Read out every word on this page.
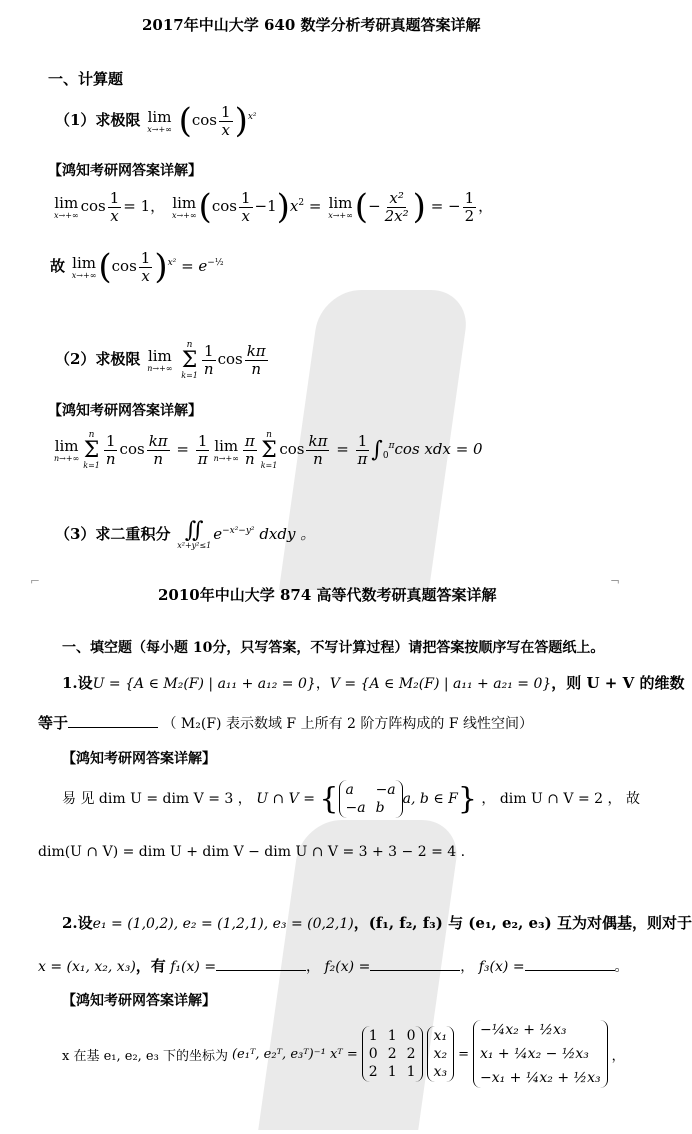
2017年中山大学 640 数学分析考研真题答案详解
一、计算题
（1）求极限 lim
x→+∞ $(\cos \frac{1}{x} )^{x^2}$
【鸿知考研网答案详解】
lim
x→+∞
$\cos \frac{1}{x} = 1$， lim
x→+∞ $(\cos \frac{1}{x} -1)x^2 = \lim$
x→+∞ (− $\frac{\text{x²}}{\text{2x²}}$ ) = − $\frac{1}{2}$ ，
故 lim
x→+∞ $(\cos \frac{1}{x} )^{x^2} = e^{-\frac{1}{2}}$
（2）求极限 lim
n→+∞

n
Σ
$k=1 \frac{1}{n}$ $\cos \frac{k\pi}{n}$
【鸿知考研网答案详解】
lim
n→+∞
n
Σ
$k=1 \frac{1}{n}$ $\cos \frac{k\pi}{n} = \frac{1}{\pi}$ lim
$n\to+\infty \frac{\pi}{n}$ n
Σ
k=1
$\cos \frac{k\pi}{n} = \frac{1}{\pi} \int_0^\pi\cos$ xdx = 0
（3）求二重积分 ∬
x²+y²≤1
$e^{-x^2-y^2}$ dxdy 。
⌐	¬
2010年中山大学 874 高等代数考研真题答案详解
一、填空题（每小题 10分，只写答案，不写计算过程）请把答案按顺序写在答题纸上。
1.设U = {A ∈ M₂(F) | a₁₁ + a₁₂ = 0}，V = {A ∈ M₂(F) | a₁₁ + a₂₁ = 0}，则 U + V 的维数
等于	（ M₂(F) 表示数域 F 上所有 2 阶方阵构成的 F 线性空间）
【鸿知考研网答案详解】
易 见 dim U = dim V = 3 ， U ∩ V = { a	−a
−a b
a, b ∈ F} ， dim U ∩ V = 2 ， 故
dim(U ∩ V) = dim U + dim V − dim U ∩ V = 3 + 3 − 2 = 4 .
2.设e₁ = (1,0,2), e₂ = (1,2,1), e₃ = (0,2,1)，(f₁, f₂, f₃) 与 (e₁, e₂, e₃) 互为对偶基，则对于
x = (x₁, x₂, x₃)，有 f₁(x) =	， f₂(x) =	， f₃(x) =	。
【鸿知考研网答案详解】
x 在基 e₁, e₂, e₃ 下的坐标为 (e₁ᵀ, e₂ᵀ, e₃ᵀ)⁻¹ xᵀ =
1 1 0
0 2 2
2 1 1
x₁
x₂
x₃
=
−¼x₂ + ½x₃
x₁ + ¼x₂ − ½x₃
−x₁ + ¼x₂ + ½x₃
，
